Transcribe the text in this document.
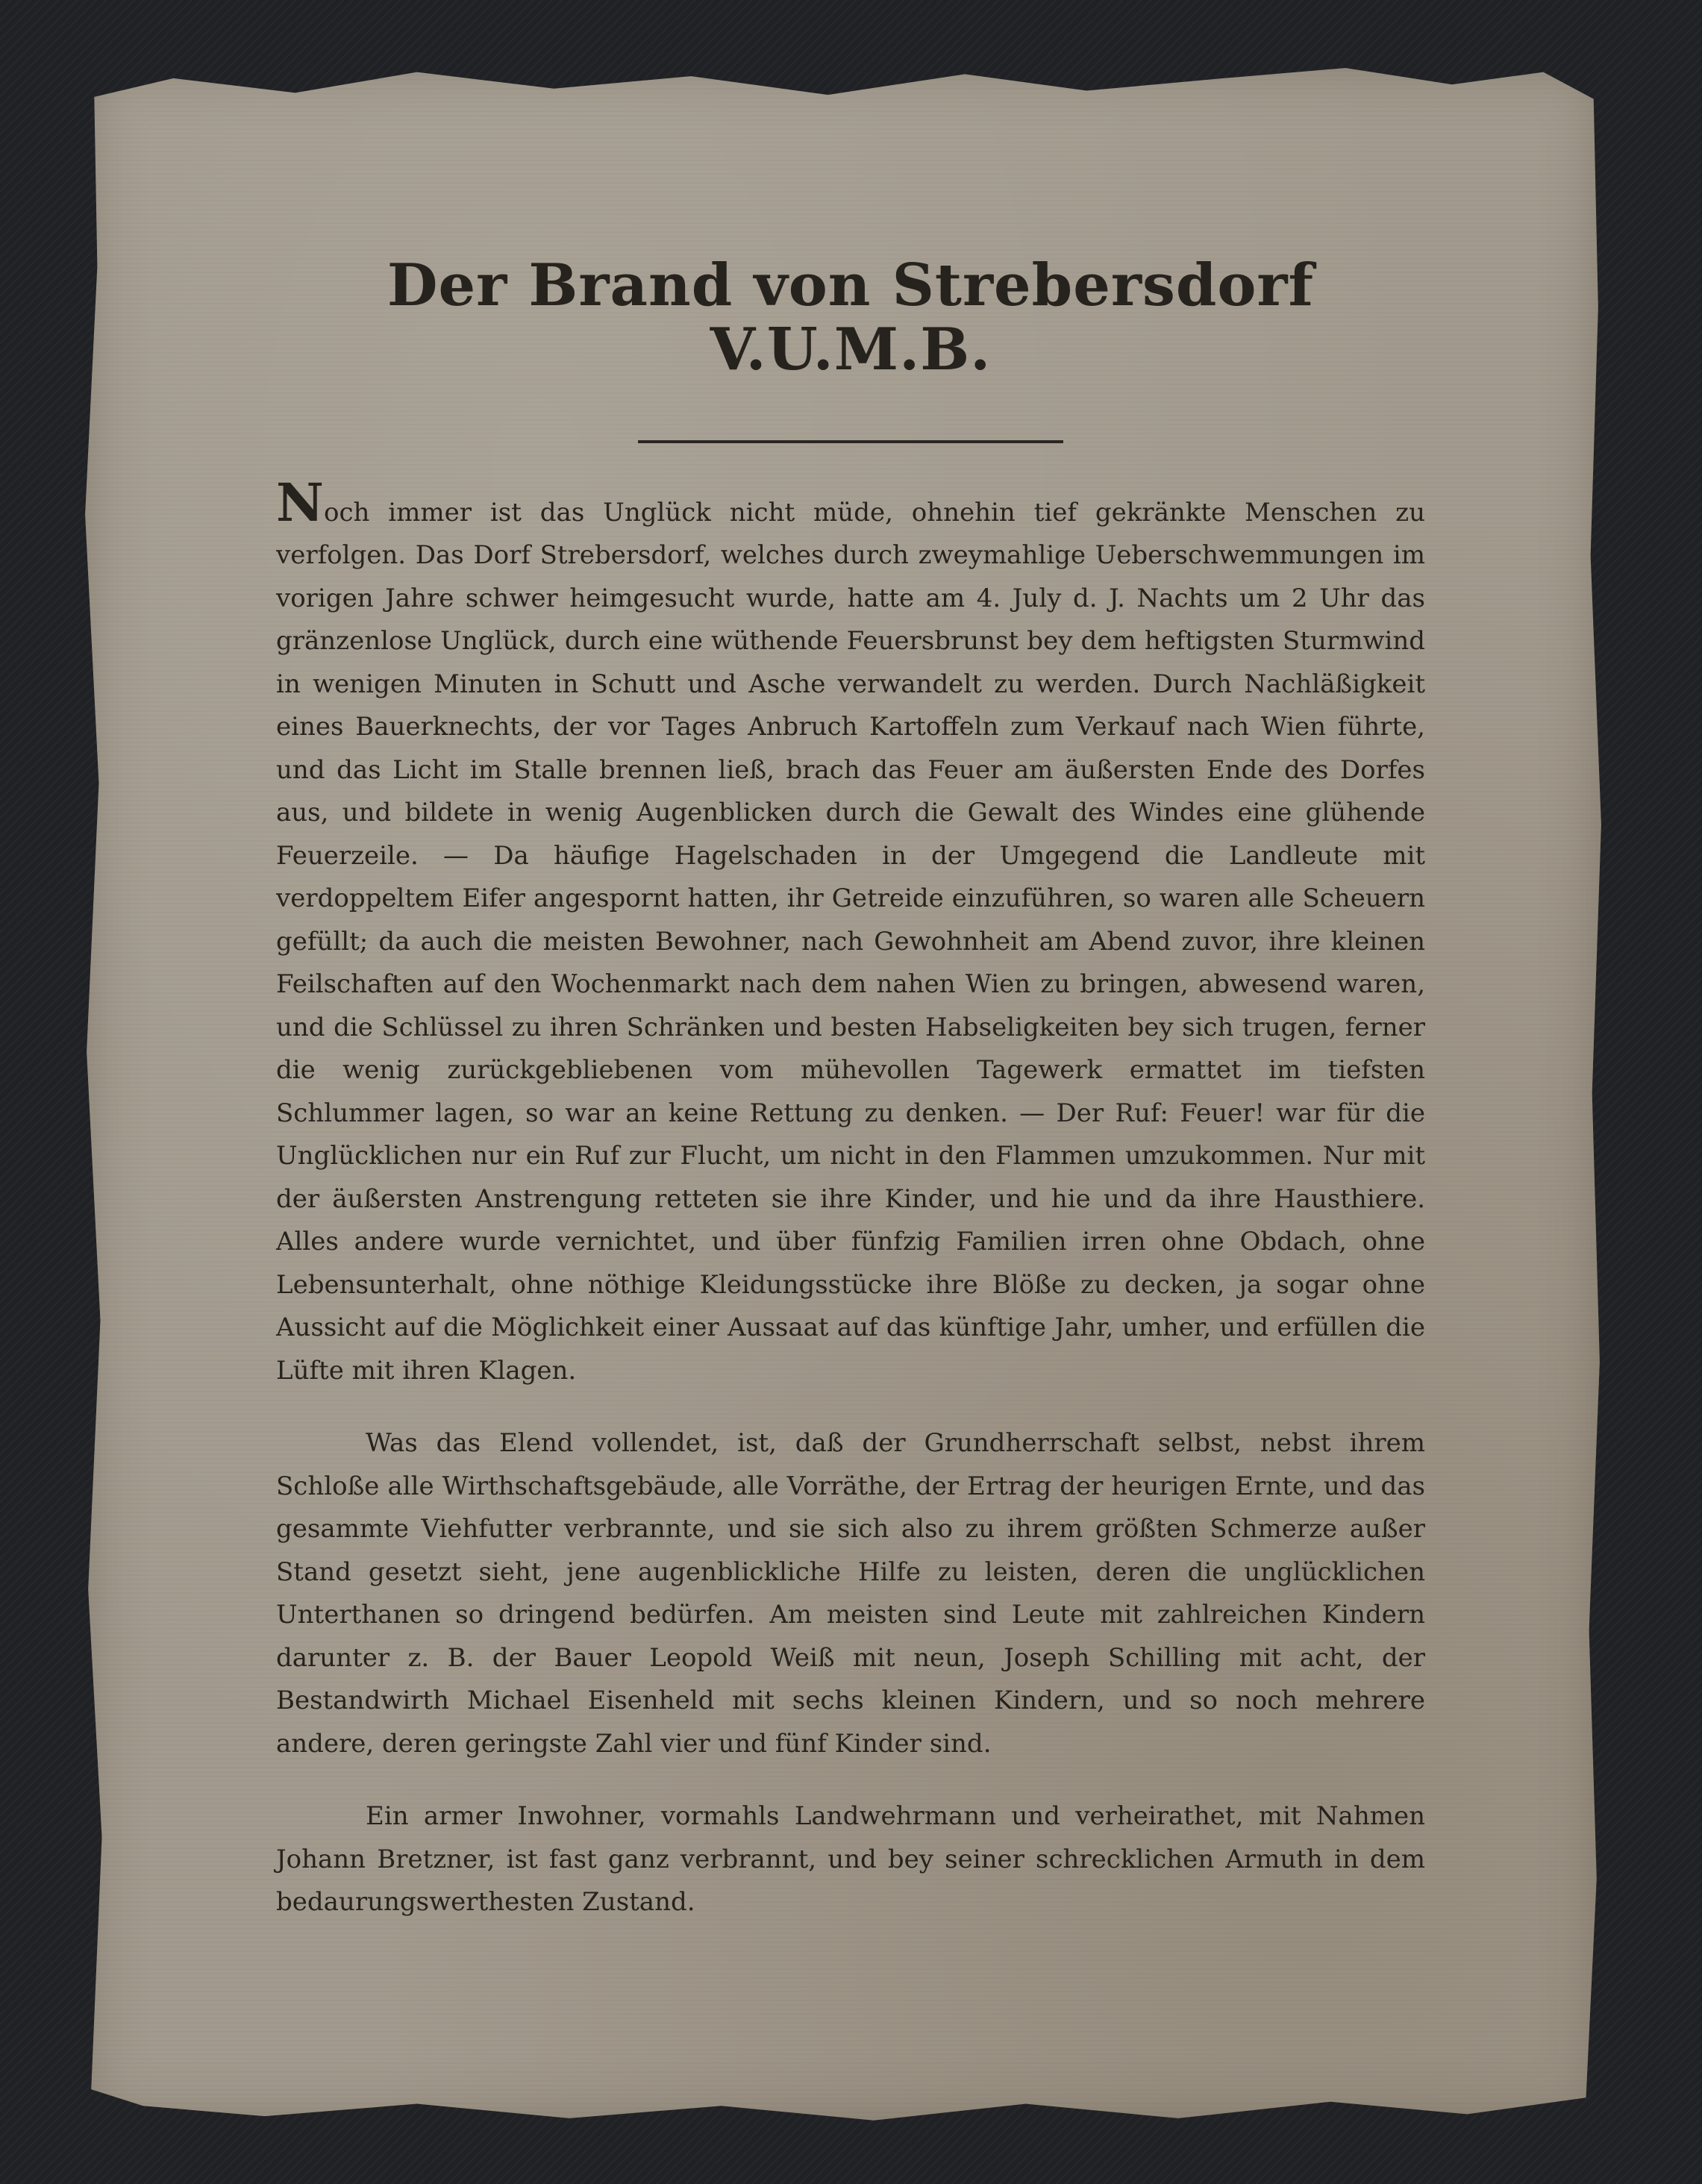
Der Brand von Strebersdorf V.U.M.B.

Noch immer ist das Unglück nicht müde, ohnehin tief gekränkte Menschen zu verfolgen. Das Dorf Strebersdorf, welches durch zweymahlige Ueberschwemmungen im vorigen Jahre schwer heimgesucht wurde, hatte am 4. July d. J. Nachts um 2 Uhr das gränzenlose Unglück, durch eine wüthende Feuersbrunst bey dem heftigsten Sturmwind in wenigen Minuten in Schutt und Asche verwandelt zu werden. Durch Nachläßigkeit eines Bauerknechts, der vor Tages Anbruch Kartoffeln zum Verkauf nach Wien führte, und das Licht im Stalle brennen ließ, brach das Feuer am äußersten Ende des Dorfes aus, und bildete in wenig Augenblicken durch die Gewalt des Windes eine glühende Feuerzeile. — Da häufige Hagelschaden in der Umgegend die Landleute mit verdoppeltem Eifer angespornt hatten, ihr Getreide einzuführen, so waren alle Scheuern gefüllt; da auch die meisten Bewohner, nach Gewohnheit am Abend zuvor, ihre kleinen Feilschaften auf den Wochenmarkt nach dem nahen Wien zu bringen, abwesend waren, und die Schlüssel zu ihren Schränken und besten Habseligkeiten bey sich trugen, ferner die wenig zurückgebliebenen vom mühevollen Tagewerk ermattet im tiefsten Schlummer lagen, so war an keine Rettung zu denken. — Der Ruf: Feuer! war für die Unglücklichen nur ein Ruf zur Flucht, um nicht in den Flammen umzukommen. Nur mit der äußersten Anstrengung retteten sie ihre Kinder, und hie und da ihre Hausthiere. Alles andere wurde vernichtet, und über fünfzig Familien irren ohne Obdach, ohne Lebensunterhalt, ohne nöthige Kleidungsstücke ihre Blöße zu decken, ja sogar ohne Aussicht auf die Möglichkeit einer Aussaat auf das künftige Jahr, umher, und erfüllen die Lüfte mit ihren Klagen.

Was das Elend vollendet, ist, daß der Grundherrschaft selbst, nebst ihrem Schloße alle Wirthschaftsgebäude, alle Vorräthe, der Ertrag der heurigen Ernte, und das gesammte Viehfutter verbrannte, und sie sich also zu ihrem größten Schmerze außer Stand gesetzt sieht, jene augenblickliche Hilfe zu leisten, deren die unglücklichen Unterthanen so dringend bedürfen. Am meisten sind Leute mit zahlreichen Kindern darunter z. B. der Bauer Leopold Weiß mit neun, Joseph Schilling mit acht, der Bestandwirth Michael Eisenheld mit sechs kleinen Kindern, und so noch mehrere andere, deren geringste Zahl vier und fünf Kinder sind.

Ein armer Inwohner, vormahls Landwehrmann und verheirathet, mit Nahmen Johann Bretzner, ist fast ganz verbrannt, und bey seiner schrecklichen Armuth in dem bedaurungswerthesten Zustand.
